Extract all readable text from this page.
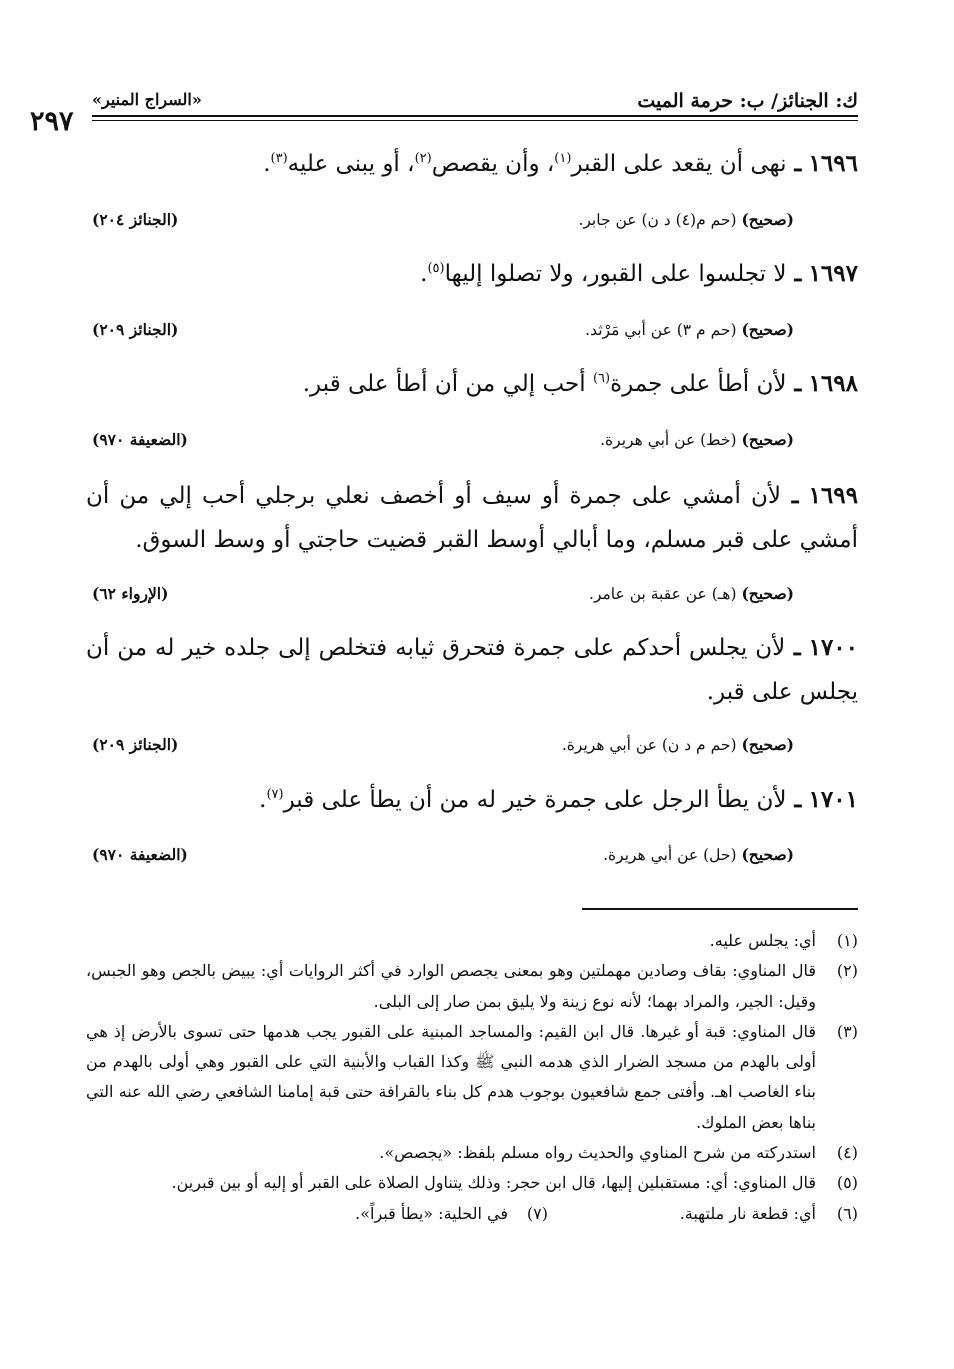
ك: الجنائز/ ب: حرمة الميت
«السراج المنير»
٢٩٧
١٦٩٦ ـ نهى أن يقعد على القبر$^{(١)}$، وأن يقصص$^{(٢)}$، أو يبنى عليه$^{(٣)}$.
(صحيح) (حم م(٤) د ن) عن جابر.
(الجنائز ٢٠٤)
١٦٩٧ ـ لا تجلسوا على القبور، ولا تصلوا إليها$^{(٥)}$.
(صحيح) (حم م ٣) عن أبي مَرْثد.
(الجنائز ٢٠٩)
١٦٩٨ ـ لأن أطأ على جمرة$^{(٦)}$ أحب إلي من أن أطأ على قبر.
(صحيح) (خط) عن أبي هريرة.
(الضعيفة ٩٧٠)
١٦٩٩ ـ لأن أمشي على جمرة أو سيف أو أخصف نعلي برجلي أحب إلي من أن أمشي على قبر مسلم، وما أبالي أوسط القبر قضيت حاجتي أو وسط السوق.
(صحيح) (هـ) عن عقبة بن عامر.
(الإرواء ٦٢)
١٧٠٠ ـ لأن يجلس أحدكم على جمرة فتحرق ثيابه فتخلص إلى جلده خير له من أن يجلس على قبر.
(صحيح) (حم م د ن) عن أبي هريرة.
(الجنائز ٢٠٩)
١٧٠١ ـ لأن يطأ الرجل على جمرة خير له من أن يطأ على قبر$^{(٧)}$.
(صحيح) (حل) عن أبي هريرة.
(الضعيفة ٩٧٠)
(١)
أي: يجلس عليه.
(٢)
قال المناوي: بقاف وصادين مهملتين وهو بمعنى يجصص الوارد في أكثر الروايات أي: يبيض بالجص وهو الجبس، وقيل: الجير، والمراد بهما؛ لأنه نوع زينة ولا يليق بمن صار إلى البلى.
(٣)
قال المناوي: قبة أو غيرها. قال ابن القيم: والمساجد المبنية على القبور يجب هدمها حتى تسوى بالأرض إذ هي أولى بالهدم من مسجد الضرار الذي هدمه النبي ﷺ وكذا القباب والأبنية التي على القبور وهي أولى بالهدم من بناء الغاصب اهـ. وأفتى جمع شافعيون بوجوب هدم كل بناء بالقرافة حتى قبة إمامنا الشافعي رضي الله عنه التي بناها بعض الملوك.
(٤)
استدركته من شرح المناوي والحديث رواه مسلم بلفظ: «يجصص».
(٥)
قال المناوي: أي: مستقبلين إليها، قال ابن حجر: وذلك يتناول الصلاة على القبر أو إليه أو بين قبرين.
(٦)
أي: قطعة نار ملتهبة.
(٧)
في الحلية: «يطأ قبراً».
